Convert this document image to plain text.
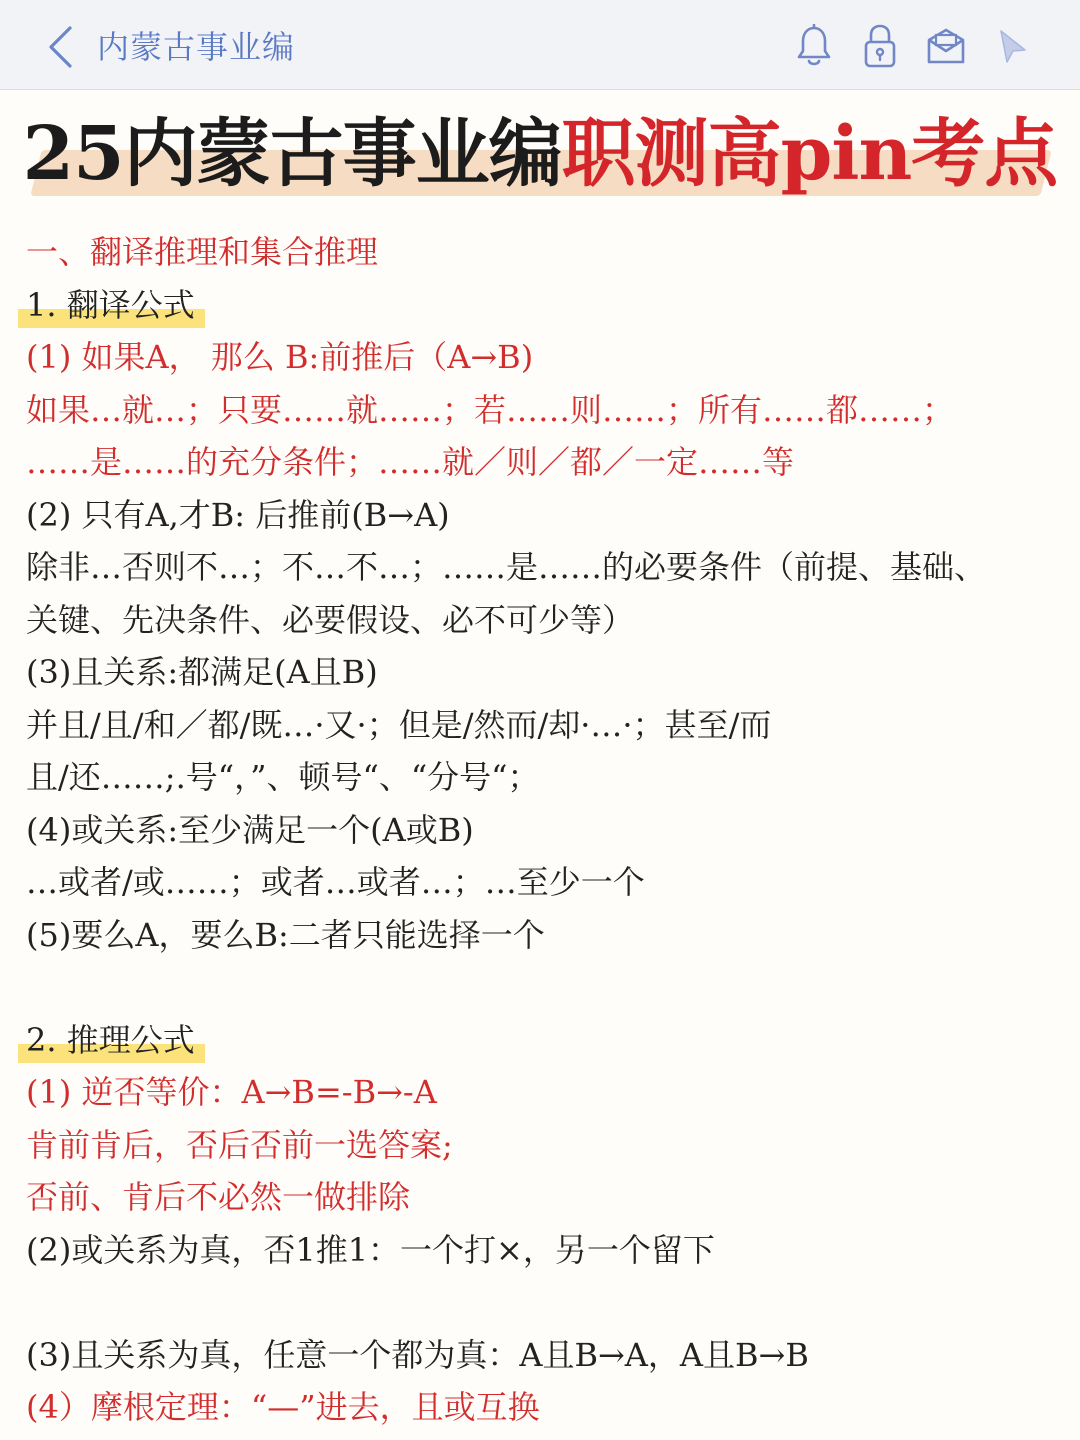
内蒙古事业编
25内蒙古事业编职测高pin考点
一、翻译推理和集合推理
1. 翻译公式
(1) 如果A， 那么 B:前推后（A→B)
如果…就…；只要……就……；若……则……；所有……都……；
……是……的充分条件；……就／则／都／一定……等
(2) 只有A,才B: 后推前(B→A)
除非…否则不…；不…不…；……是……的必要条件（前提、基础、
关键、先决条件、必要假设、必不可少等）
(3)且关系:都满足(A且B)
并且/且/和／都/既…·又·；但是/然而/却·…·；甚至/而
且/还……;.号“，”、顿号“、“分号“；
(4)或关系:至少满足一个(A或B)
…或者/或……；或者…或者…；…至少一个
(5)要么A，要么B:二者只能选择一个
2. 推理公式
(1) 逆否等价：A→B=-B→-A
肯前肯后，否后否前一选答案;
否前、肯后不必然一做排除
(2)或关系为真，否1推1：一个打×，另一个留下
(3)且关系为真，任意一个都为真：A且B→A，A且B→B
(4）摩根定理：“—”进去，且或互换
